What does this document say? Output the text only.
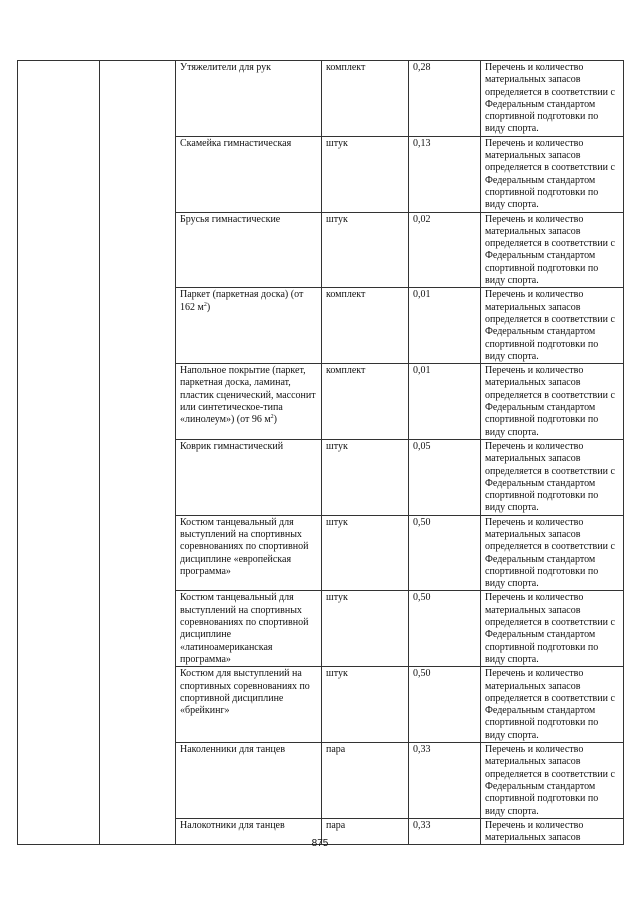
		Утяжелители для рук	комплект	0,28	Перечень и количество материальных запасов определяется в соответствии с Федеральным стандартом спортивной подготовки по виду спорта.
		Скамейка гимнастическая	штук	0,13	Перечень и количество материальных запасов определяется в соответствии с Федеральным стандартом спортивной подготовки по виду спорта.
		Брусья гимнастические	штук	0,02	Перечень и количество материальных запасов определяется в соответствии с Федеральным стандартом спортивной подготовки по виду спорта.
		Паркет (паркетная доска) (от 162 $м^2$)	комплект	0,01	Перечень и количество материальных запасов определяется в соответствии с Федеральным стандартом спортивной подготовки по виду спорта.
		Напольное покрытие (паркет, паркетная доска, ламинат, пластик сценический, массонит или синтетическое-типа «линолеум») (от 96 $м^2$)	комплект	0,01	Перечень и количество материальных запасов определяется в соответствии с Федеральным стандартом спортивной подготовки по виду спорта.
		Коврик гимнастический	штук	0,05	Перечень и количество материальных запасов определяется в соответствии с Федеральным стандартом спортивной подготовки по виду спорта.
		Костюм танцевальный для выступлений на спортивных соревнованиях по спортивной дисциплине «европейская программа»	штук	0,50	Перечень и количество материальных запасов определяется в соответствии с Федеральным стандартом спортивной подготовки по виду спорта.
		Костюм танцевальный для выступлений на спортивных соревнованиях по спортивной дисциплине «латиноамериканская программа»	штук	0,50	Перечень и количество материальных запасов определяется в соответствии с Федеральным стандартом спортивной подготовки по виду спорта.
		Костюм для выступлений на спортивных соревнованиях по спортивной дисциплине «брейкинг»	штук	0,50	Перечень и количество материальных запасов определяется в соответствии с Федеральным стандартом спортивной подготовки по виду спорта.
		Наколенники для танцев	пара	0,33	Перечень и количество материальных запасов определяется в соответствии с Федеральным стандартом спортивной подготовки по виду спорта.
		Налокотники для танцев	пара	0,33	Перечень и количество материальных запасов
875
